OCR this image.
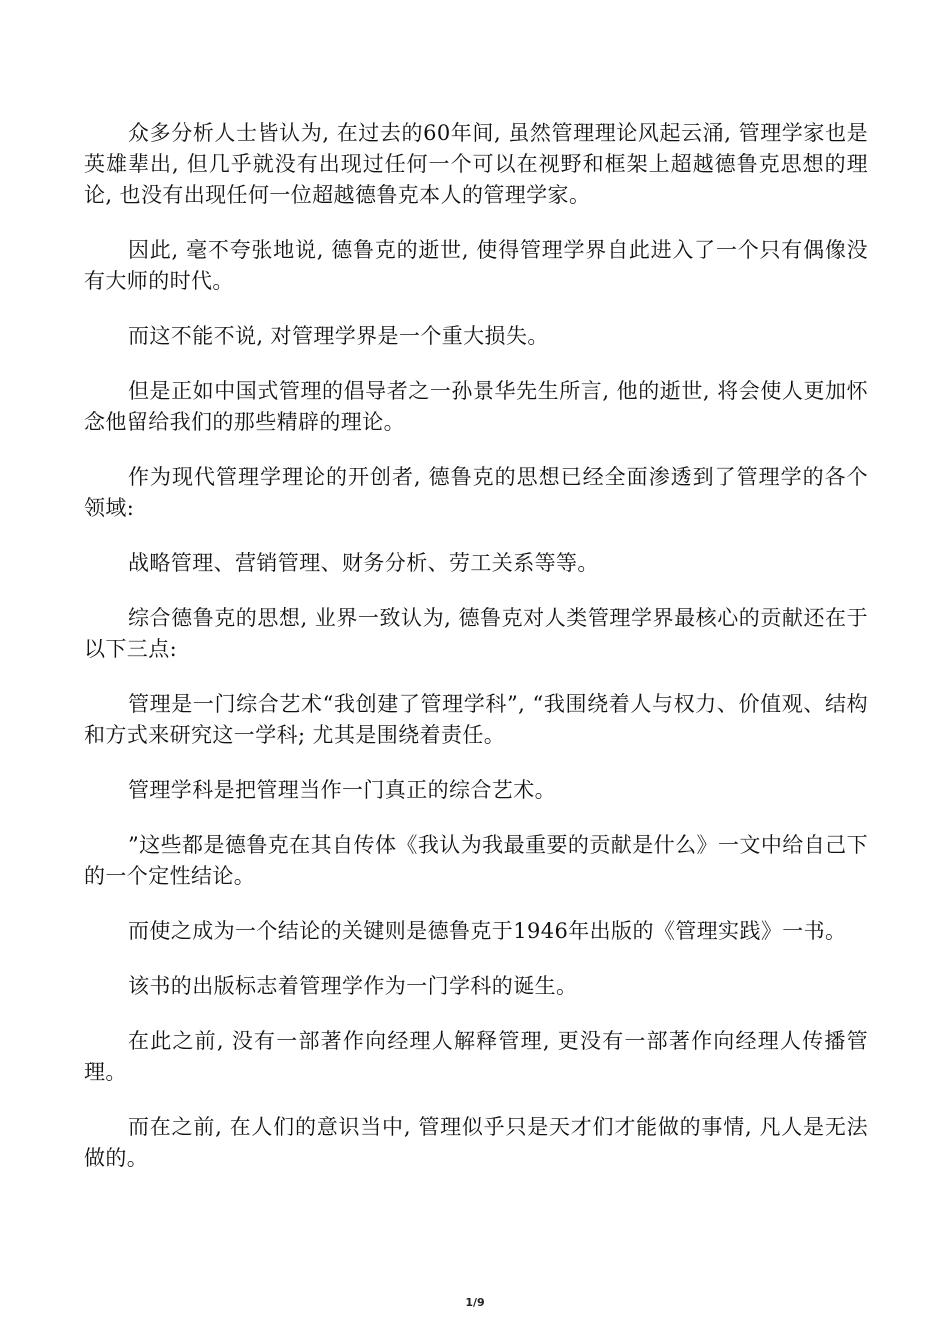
众多分析人士皆认为, 在过去的60年间, 虽然管理理论风起云涌, 管理学家也是英雄辈出, 但几乎就没有出现过任何一个可以在视野和框架上超越德鲁克思想的理论, 也没有出现任何一位超越德鲁克本人的管理学家。

因此, 毫不夸张地说, 德鲁克的逝世, 使得管理学界自此进入了一个只有偶像没有大师的时代。

而这不能不说, 对管理学界是一个重大损失。

但是正如中国式管理的倡导者之一孙景华先生所言, 他的逝世, 将会使人更加怀念他留给我们的那些精辟的理论。

作为现代管理学理论的开创者, 德鲁克的思想已经全面渗透到了管理学的各个领域:

战略管理、营销管理、财务分析、劳工关系等等。

综合德鲁克的思想, 业界一致认为, 德鲁克对人类管理学界最核心的贡献还在于以下三点:

管理是一门综合艺术“我创建了管理学科”, “我围绕着人与权力、价值观、结构和方式来研究这一学科; 尤其是围绕着责任。

管理学科是把管理当作一门真正的综合艺术。

”这些都是德鲁克在其自传体《我认为我最重要的贡献是什么》一文中给自己下的一个定性结论。

而使之成为一个结论的关键则是德鲁克于1946年出版的《管理实践》一书。

该书的出版标志着管理学作为一门学科的诞生。

在此之前, 没有一部著作向经理人解释管理, 更没有一部著作向经理人传播管理。

而在之前, 在人们的意识当中, 管理似乎只是天才们才能做的事情, 凡人是无法做的。

1/9
